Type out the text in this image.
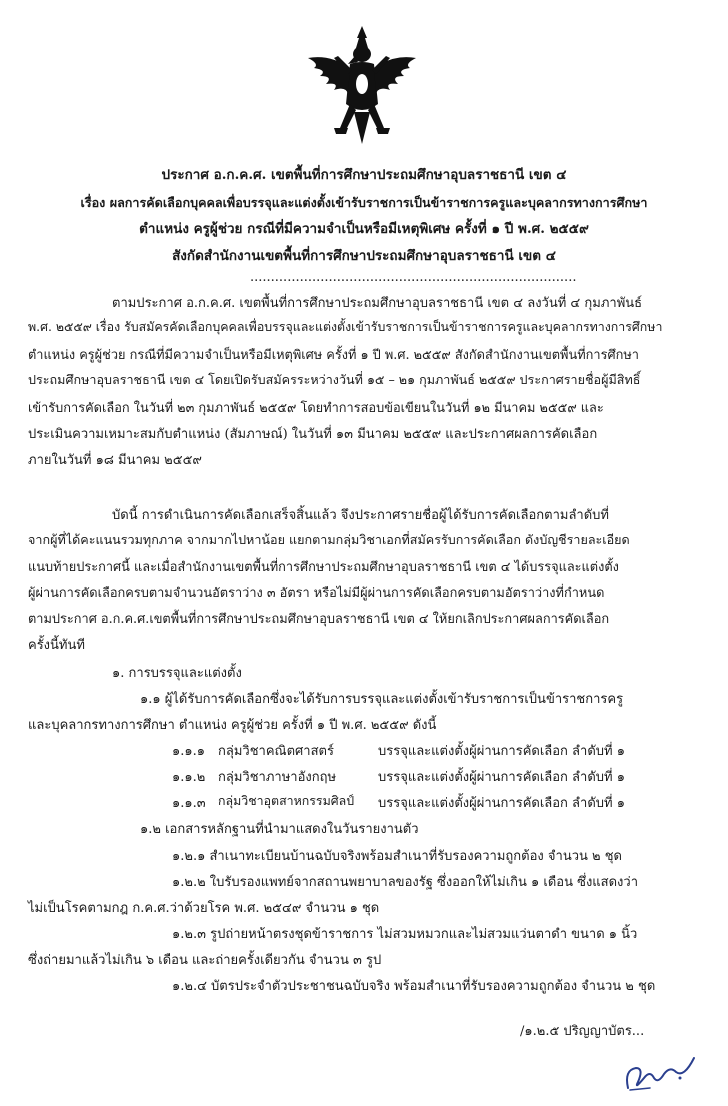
ประกาศ อ.ก.ค.ศ. เขตพื้นที่การศึกษาประถมศึกษาอุบลราชธานี เขต ๔
เรื่อง ผลการคัดเลือกบุคคลเพื่อบรรจุและแต่งตั้งเข้ารับราชการเป็นข้าราชการครูและบุคลากรทางการศึกษา
ตำแหน่ง ครูผู้ช่วย กรณีที่มีความจำเป็นหรือมีเหตุพิเศษ ครั้งที่ ๑ ปี พ.ศ. ๒๕๕๙
สังกัดสำนักงานเขตพื้นที่การศึกษาประถมศึกษาอุบลราชธานี เขต ๔
...............................................................................
ตามประกาศ อ.ก.ค.ศ. เขตพื้นที่การศึกษาประถมศึกษาอุบลราชธานี เขต ๔ ลงวันที่ ๔ กุมภาพันธ์
พ.ศ. ๒๕๕๙ เรื่อง รับสมัครคัดเลือกบุคคลเพื่อบรรจุและแต่งตั้งเข้ารับราชการเป็นข้าราชการครูและบุคลากรทางการศึกษา
ตำแหน่ง ครูผู้ช่วย กรณีที่มีความจำเป็นหรือมีเหตุพิเศษ ครั้งที่ ๑ ปี พ.ศ. ๒๕๕๙ สังกัดสำนักงานเขตพื้นที่การศึกษา
ประถมศึกษาอุบลราชธานี เขต ๔ โดยเปิดรับสมัครระหว่างวันที่ ๑๕ – ๒๑ กุมภาพันธ์ ๒๕๕๙ ประกาศรายชื่อผู้มีสิทธิ์
เข้ารับการคัดเลือก ในวันที่ ๒๓ กุมภาพันธ์ ๒๕๕๙ โดยทำการสอบข้อเขียนในวันที่ ๑๒ มีนาคม ๒๕๕๙ และ
ประเมินความเหมาะสมกับตำแหน่ง (สัมภาษณ์) ในวันที่ ๑๓ มีนาคม ๒๕๕๙ และประกาศผลการคัดเลือก
ภายในวันที่ ๑๘ มีนาคม ๒๕๕๙
บัดนี้ การดำเนินการคัดเลือกเสร็จสิ้นแล้ว จึงประกาศรายชื่อผู้ได้รับการคัดเลือกตามลำดับที่
จากผู้ที่ได้คะแนนรวมทุกภาค จากมากไปหาน้อย แยกตามกลุ่มวิชาเอกที่สมัครรับการคัดเลือก ดังบัญชีรายละเอียด
แนบท้ายประกาศนี้ และเมื่อสำนักงานเขตพื้นที่การศึกษาประถมศึกษาอุบลราชธานี เขต ๔ ได้บรรจุและแต่งตั้ง
ผู้ผ่านการคัดเลือกครบตามจำนวนอัตราว่าง ๓ อัตรา หรือไม่มีผู้ผ่านการคัดเลือกครบตามอัตราว่างที่กำหนด
ตามประกาศ อ.ก.ค.ศ.เขตพื้นที่การศึกษาประถมศึกษาอุบลราชธานี เขต ๔ ให้ยกเลิกประกาศผลการคัดเลือก
ครั้งนี้ทันที
๑. การบรรจุและแต่งตั้ง
๑.๑ ผู้ได้รับการคัดเลือกซึ่งจะได้รับการบรรจุและแต่งตั้งเข้ารับราชการเป็นข้าราชการครู
และบุคลากรทางการศึกษา ตำแหน่ง ครูผู้ช่วย ครั้งที่ ๑ ปี พ.ศ. ๒๕๕๙ ดังนี้
๑.๑.๑ กลุ่มวิชาคณิตศาสตร์	บรรจุและแต่งตั้งผู้ผ่านการคัดเลือก ลำดับที่ ๑
๑.๑.๒ กลุ่มวิชาภาษาอังกฤษ	บรรจุและแต่งตั้งผู้ผ่านการคัดเลือก ลำดับที่ ๑
๑.๑.๓ กลุ่มวิชาอุตสาหกรรมศิลป์ บรรจุและแต่งตั้งผู้ผ่านการคัดเลือก ลำดับที่ ๑
๑.๒ เอกสารหลักฐานที่นำมาแสดงในวันรายงานตัว
๑.๒.๑ สำเนาทะเบียนบ้านฉบับจริงพร้อมสำเนาที่รับรองความถูกต้อง จำนวน ๒ ชุด
๑.๒.๒ ใบรับรองแพทย์จากสถานพยาบาลของรัฐ ซึ่งออกให้ไม่เกิน ๑ เดือน ซึ่งแสดงว่า
ไม่เป็นโรคตามกฎ ก.ค.ศ.ว่าด้วยโรค พ.ศ. ๒๕๔๙ จำนวน ๑ ชุด
๑.๒.๓ รูปถ่ายหน้าตรงชุดข้าราชการ ไม่สวมหมวกและไม่สวมแว่นตาดำ ขนาด ๑ นิ้ว
ซึ่งถ่ายมาแล้วไม่เกิน ๖ เดือน และถ่ายครั้งเดียวกัน จำนวน ๓ รูป
๑.๒.๔ บัตรประจำตัวประชาชนฉบับจริง พร้อมสำเนาที่รับรองความถูกต้อง จำนวน ๒ ชุด
/๑.๒.๕ ปริญญาบัตร...
